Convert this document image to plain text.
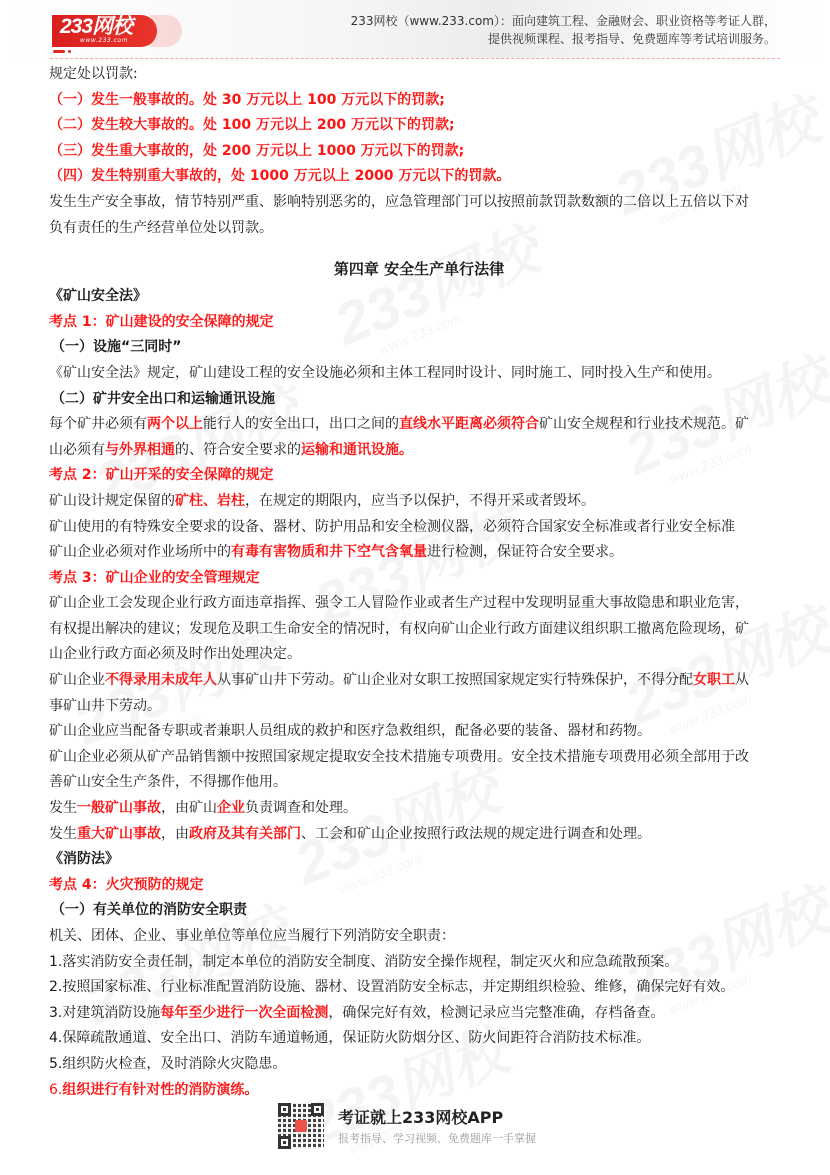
233网校
www.233.com
233网校（www.233.com）：面向建筑工程、金融财会、职业资格等考证人群，
提供视频课程、报考指导、免费题库等考试培训服务。
规定处以罚款:
（一）发生一般事故的。处 30 万元以上 100 万元以下的罚款;
（二）发生较大事故的。处 100 万元以上 200 万元以下的罚款;
（三）发生重大事故的，处 200 万元以上 1000 万元以下的罚款;
（四）发生特别重大事故的，处 1000 万元以上 2000 万元以下的罚款。
发生生产安全事故，情节特别严重、影响特别恶劣的，应急管理部门可以按照前款罚款数额的二倍以上五倍以下对
负有责任的生产经营单位处以罚款。
第四章 安全生产单行法律
《矿山安全法》
考点 1：矿山建设的安全保障的规定
（一）设施“三同时”
《矿山安全法》规定，矿山建设工程的安全设施必须和主体工程同时设计、同时施工、同时投入生产和使用。
（二）矿井安全出口和运输通讯设施
每个矿井必须有两个以上能行人的安全出口，出口之间的直线水平距离必须符合矿山安全规程和行业技术规范。矿
山必须有与外界相通的、符合安全要求的运输和通讯设施。
考点 2：矿山开采的安全保障的规定
矿山设计规定保留的矿柱、岩柱，在规定的期限内，应当予以保护，不得开采或者毁坏。
矿山使用的有特殊安全要求的设备、器材、防护用品和安全检测仪器，必须符合国家安全标准或者行业安全标准
矿山企业必须对作业场所中的有毒有害物质和井下空气含氧量进行检测，保证符合安全要求。
考点 3：矿山企业的安全管理规定
矿山企业工会发现企业行政方面违章指挥、强令工人冒险作业或者生产过程中发现明显重大事故隐患和职业危害，
有权提出解决的建议；发现危及职工生命安全的情况时，有权向矿山企业行政方面建议组织职工撤离危险现场，矿
山企业行政方面必须及时作出处理决定。
矿山企业不得录用未成年人从事矿山井下劳动。矿山企业对女职工按照国家规定实行特殊保护，不得分配女职工从
事矿山井下劳动。
矿山企业应当配备专职或者兼职人员组成的救护和医疗急救组织，配备必要的装备、器材和药物。
矿山企业必须从矿产品销售额中按照国家规定提取安全技术措施专项费用。安全技术措施专项费用必须全部用于改
善矿山安全生产条件，不得挪作他用。
发生一般矿山事故，由矿山企业负责调查和处理。
发生重大矿山事故，由政府及其有关部门、工会和矿山企业按照行政法规的规定进行调查和处理。
《消防法》
考点 4：火灾预防的规定
（一）有关单位的消防安全职责
机关、团体、企业、事业单位等单位应当履行下列消防安全职责：
1.落实消防安全责任制，制定本单位的消防安全制度、消防安全操作规程，制定灭火和应急疏散预案。
2.按照国家标准、行业标准配置消防设施、器材、设置消防安全标志，并定期组织检验、维修，确保完好有效。
3.对建筑消防设施每年至少进行一次全面检测，确保完好有效，检测记录应当完整准确，存档备查。
4.保障疏散通道、安全出口、消防车通道畅通，保证防火防烟分区、防火间距符合消防技术标准。
5.组织防火检查，及时消除火灾隐患。
6.组织进行有针对性的消防演练。
考证就上233网校APP
报考指导、学习视频、免费题库一手掌握
